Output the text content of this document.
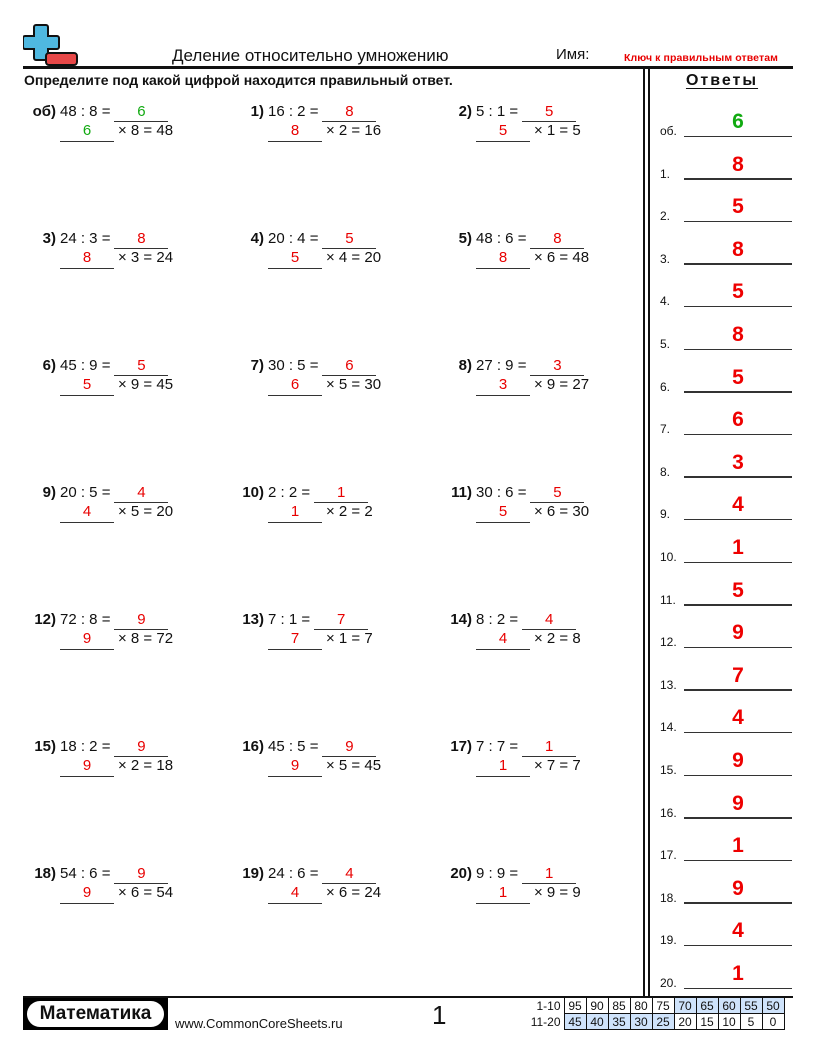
Деление относительно умножению	Имя:	Ключ к правильным ответам
Определите под какой цифрой находится правильный ответ.
об) 48 : 8 =	6
6	× 8 = 48
1) 16 : 2 =	8
8	× 2 = 16
2) 5 : 1 =	5
5	× 1 = 5
3) 24 : 3 =	8
8	× 3 = 24
4) 20 : 4 =	5
5	× 4 = 20
5) 48 : 6 =	8
8	× 6 = 48
6) 45 : 9 =	5
5	× 9 = 45
7) 30 : 5 =	6
6	× 5 = 30
8) 27 : 9 =	3
3	× 9 = 27
9) 20 : 5 =	4
4	× 5 = 20
10) 2 : 2 =	1
1	× 2 = 2
11) 30 : 6 =	5
5	× 6 = 30
12) 72 : 8 =	9
9	× 8 = 72
13) 7 : 1 =	7
7	× 1 = 7
14) 8 : 2 =	4
4	× 2 = 8
15) 18 : 2 =	9
9	× 2 = 18
16) 45 : 5 =	9
9	× 5 = 45
17) 7 : 7 =	1
1	× 7 = 7
18) 54 : 6 =	9
9	× 6 = 54
19) 24 : 6 =	4
4	× 6 = 24
20) 9 : 9 =	1
1	× 9 = 9
Ответы
об.	6
1.	8
2.	5
3.	8
4.	5
5.	8
6.	5
7.	6
8.	3
9.	4
10.	1
11.	5
12.	9
13.	7
14.	4
15.	9
16.	9
17.	1
18.	9
19.	4
20.	1
Математика	www.CommonCoreSheets.ru	1	1-10	95	90	85	80	75	70	65	60	55	50
11-20	45	40	35	30	25	20	15	10	5	0
